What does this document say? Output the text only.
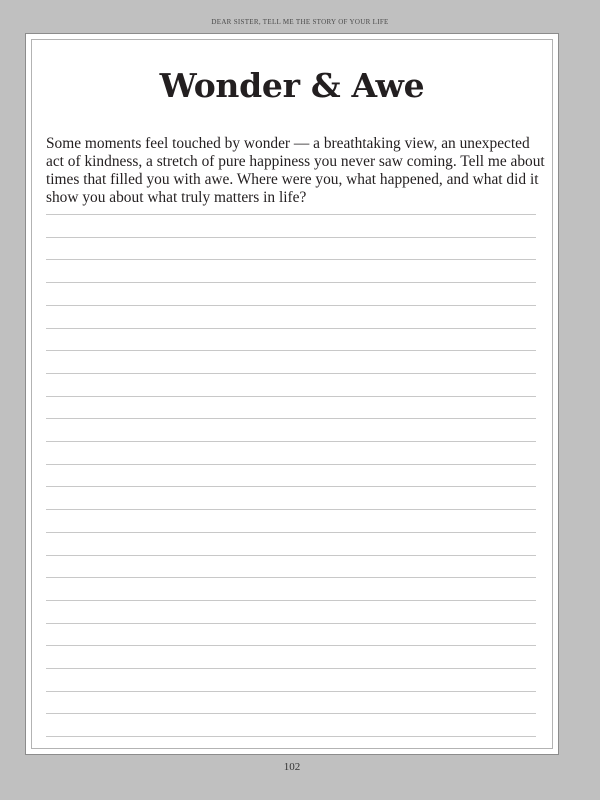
DEAR SISTER, TELL ME THE STORY OF YOUR LIFE
Wonder & Awe

Some moments feel touched by wonder — a breathtaking view, an unexpected act of kindness, a stretch of pure happiness you never saw coming. Tell me about times that filled you with awe. Where were you, what happened, and what did it show you about what truly matters in life?

102
